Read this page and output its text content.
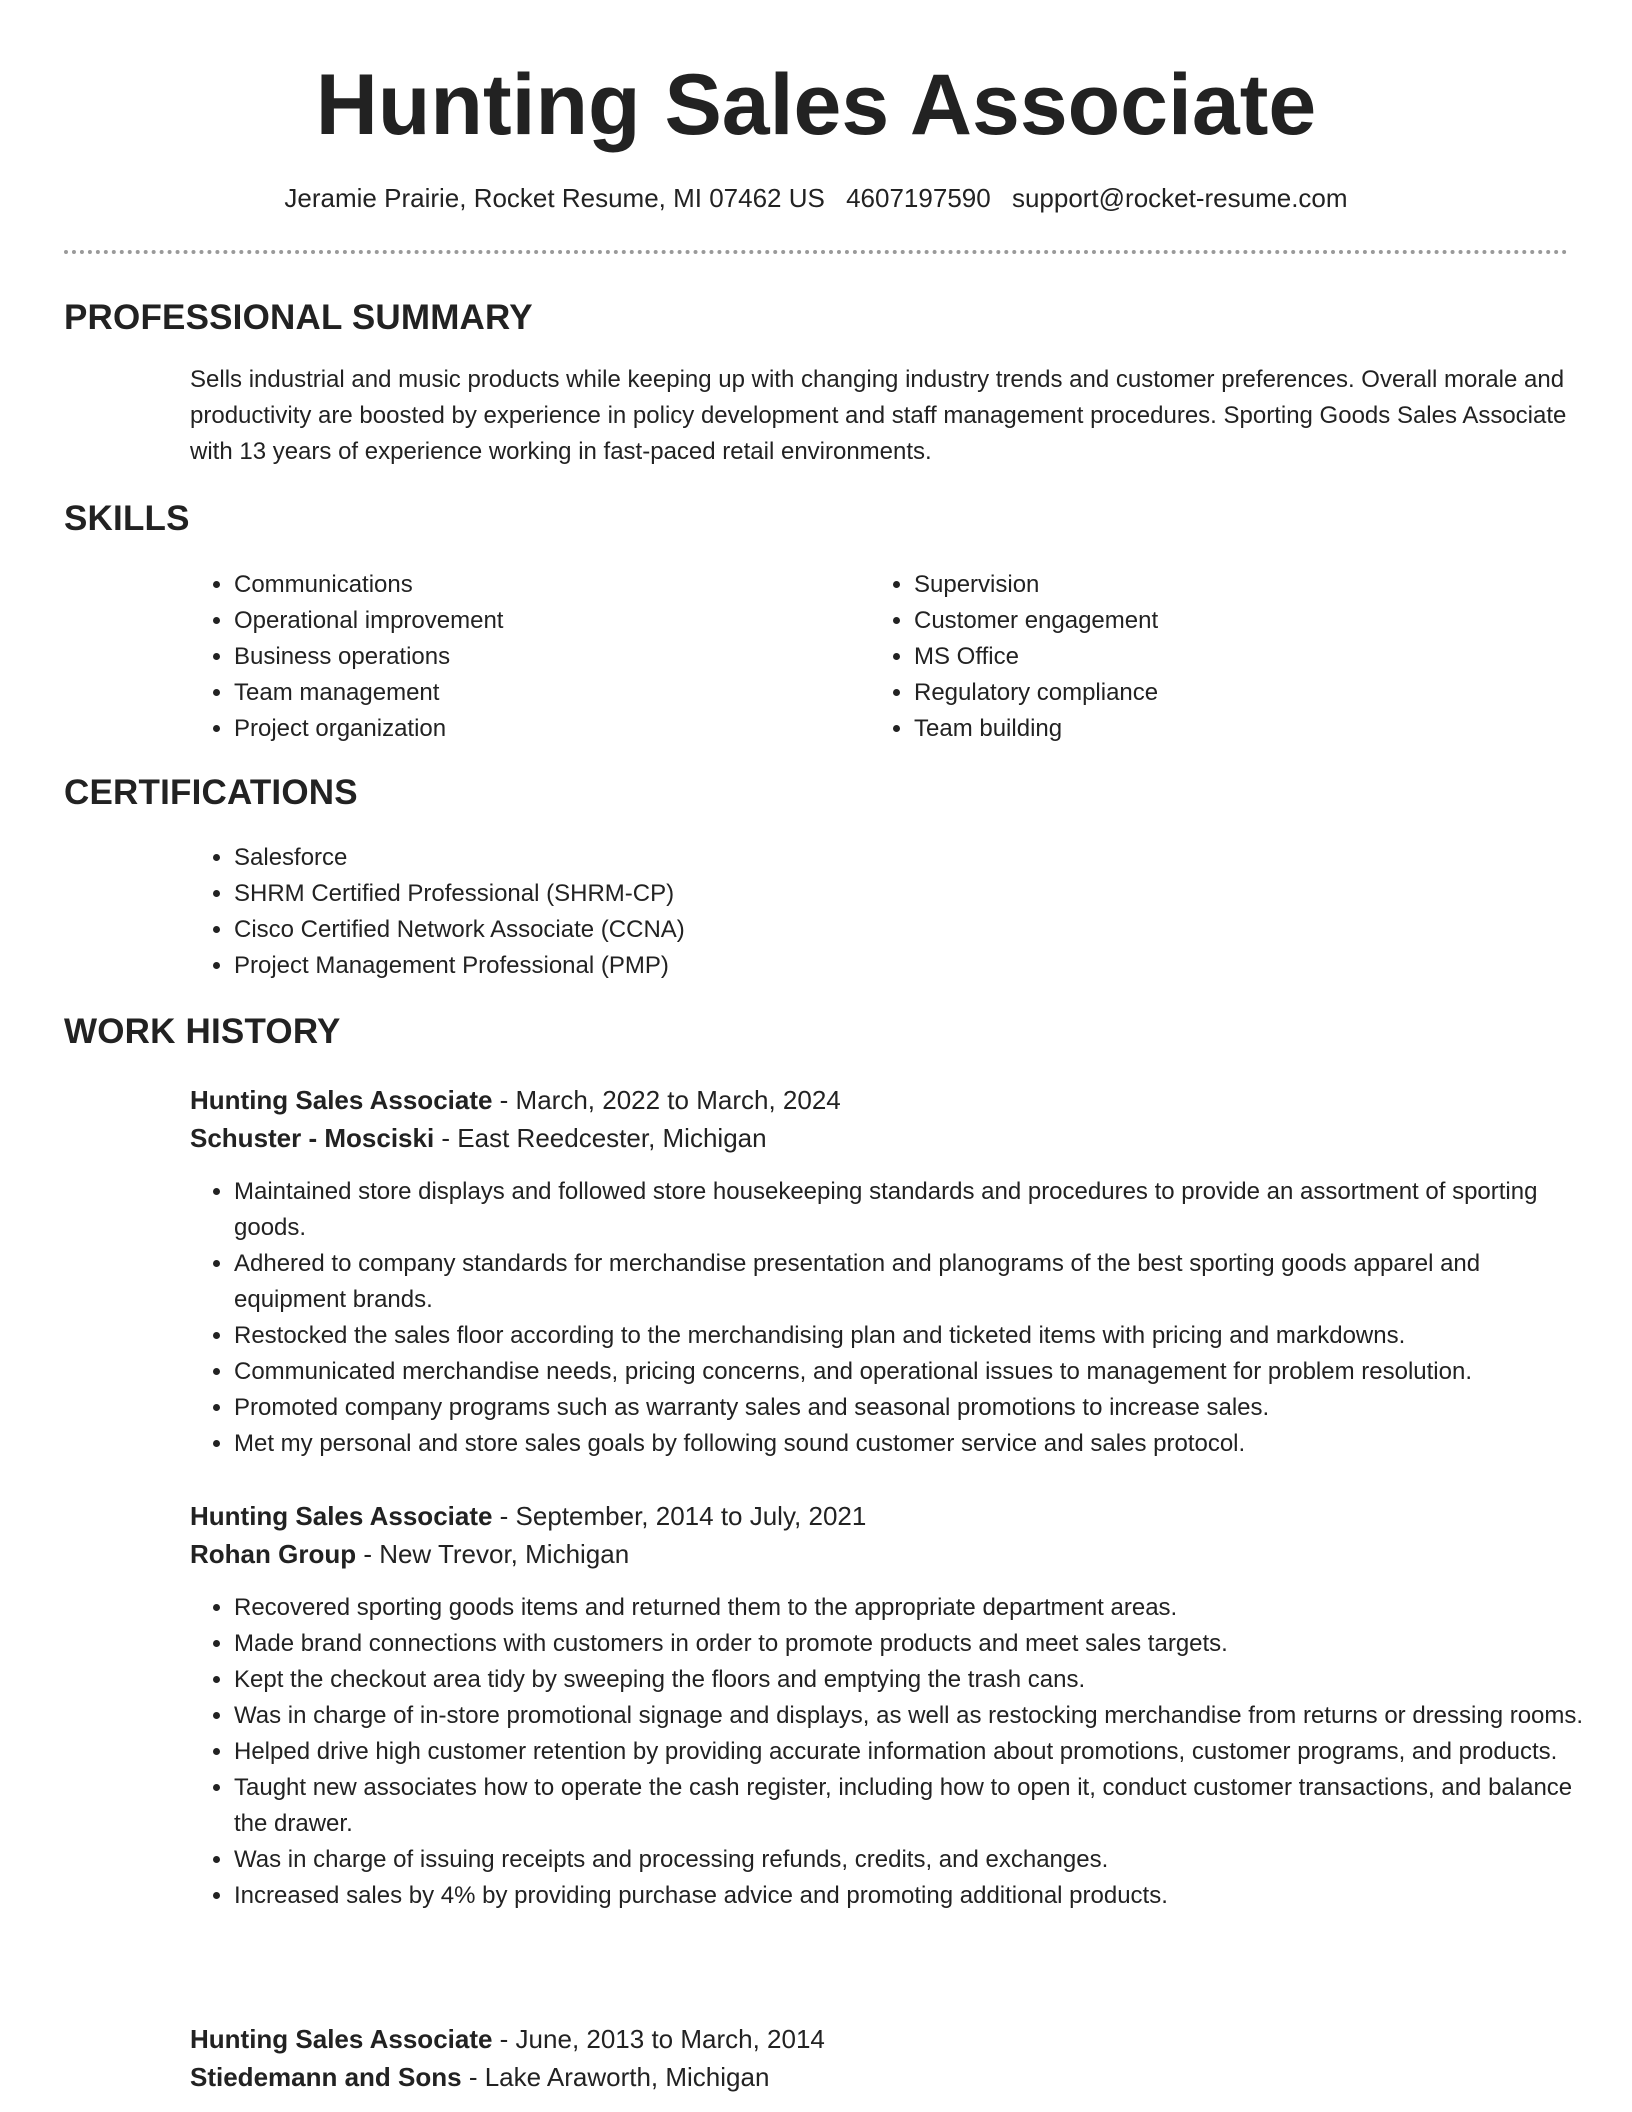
Hunting Sales Associate
Jeramie Prairie, Rocket Resume, MI 07462 US 4607197590 support@rocket-resume.com
PROFESSIONAL SUMMARY

Sells industrial and music products while keeping up with changing industry trends and customer preferences. Overall morale and productivity are boosted by experience in policy development and staff management procedures. Sporting Goods Sales Associate with 13 years of experience working in fast-paced retail environments.

SKILLS
• Communications
• Operational improvement
• Business operations
• Team management
• Project organization
• Supervision
• Customer engagement
• MS Office
• Regulatory compliance
• Team building
CERTIFICATIONS
• Salesforce
• SHRM Certified Professional (SHRM-CP)
• Cisco Certified Network Associate (CCNA)
• Project Management Professional (PMP)
WORK HISTORY
Hunting Sales Associate - March, 2022 to March, 2024
Schuster - Mosciski - East Reedcester, Michigan
• Maintained store displays and followed store housekeeping standards and procedures to provide an assortment of sporting goods.
• Adhered to company standards for merchandise presentation and planograms of the best sporting goods apparel and equipment brands.
• Restocked the sales floor according to the merchandising plan and ticketed items with pricing and markdowns.
• Communicated merchandise needs, pricing concerns, and operational issues to management for problem resolution.
• Promoted company programs such as warranty sales and seasonal promotions to increase sales.
• Met my personal and store sales goals by following sound customer service and sales protocol.
Hunting Sales Associate - September, 2014 to July, 2021
Rohan Group - New Trevor, Michigan
• Recovered sporting goods items and returned them to the appropriate department areas.
• Made brand connections with customers in order to promote products and meet sales targets.
• Kept the checkout area tidy by sweeping the floors and emptying the trash cans.
• Was in charge of in-store promotional signage and displays, as well as restocking merchandise from returns or dressing rooms.
• Helped drive high customer retention by providing accurate information about promotions, customer programs, and products.
• Taught new associates how to operate the cash register, including how to open it, conduct customer transactions, and balance the drawer.
• Was in charge of issuing receipts and processing refunds, credits, and exchanges.
• Increased sales by 4% by providing purchase advice and promoting additional products.
Hunting Sales Associate - June, 2013 to March, 2014
Stiedemann and Sons - Lake Araworth, Michigan
